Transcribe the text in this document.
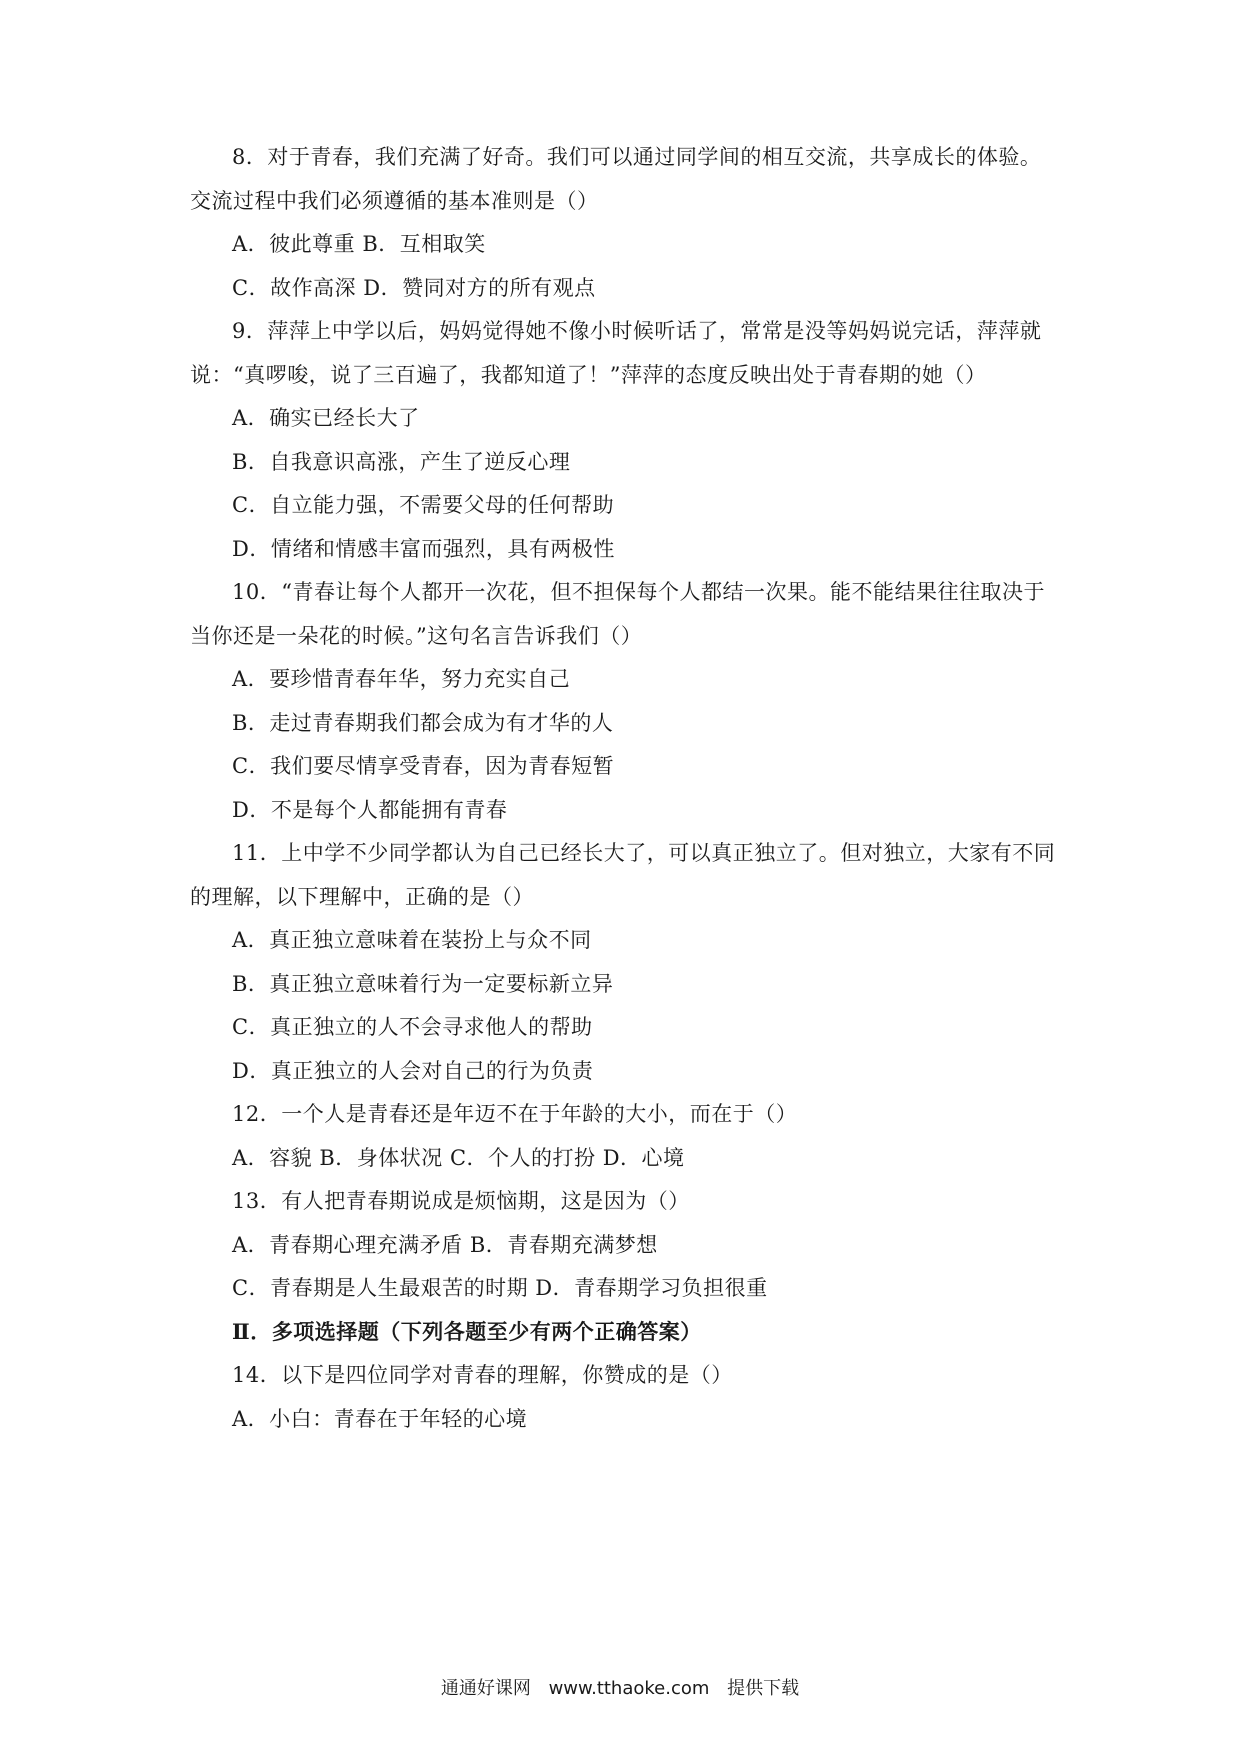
8．对于青春，我们充满了好奇。我们可以通过同学间的相互交流，共享成长的体验。
交流过程中我们必须遵循的基本准则是（）
A．彼此尊重 B．互相取笑
C．故作高深 D．赞同对方的所有观点
9．萍萍上中学以后，妈妈觉得她不像小时候听话了，常常是没等妈妈说完话，萍萍就
说：“真啰唆，说了三百遍了，我都知道了！”萍萍的态度反映出处于青春期的她（）
A．确实已经长大了
B．自我意识高涨，产生了逆反心理
C．自立能力强，不需要父母的任何帮助
D．情绪和情感丰富而强烈，具有两极性
10．“青春让每个人都开一次花，但不担保每个人都结一次果。能不能结果往往取决于
当你还是一朵花的时候。”这句名言告诉我们（）
A．要珍惜青春年华，努力充实自己
B．走过青春期我们都会成为有才华的人
C．我们要尽情享受青春，因为青春短暂
D．不是每个人都能拥有青春
11．上中学不少同学都认为自己已经长大了，可以真正独立了。但对独立，大家有不同
的理解，以下理解中，正确的是（）
A．真正独立意味着在装扮上与众不同
B．真正独立意味着行为一定要标新立异
C．真正独立的人不会寻求他人的帮助
D．真正独立的人会对自己的行为负责
12．一个人是青春还是年迈不在于年龄的大小，而在于（）
A．容貌 B．身体状况 C．个人的打扮 D．心境
13．有人把青春期说成是烦恼期，这是因为（）
A．青春期心理充满矛盾 B．青春期充满梦想
C．青春期是人生最艰苦的时期 D．青春期学习负担很重
Ⅱ．多项选择题（下列各题至少有两个正确答案）
14．以下是四位同学对青春的理解，你赞成的是（）
A．小白：青春在于年轻的心境
通通好课网 www.tthaoke.com 提供下载
